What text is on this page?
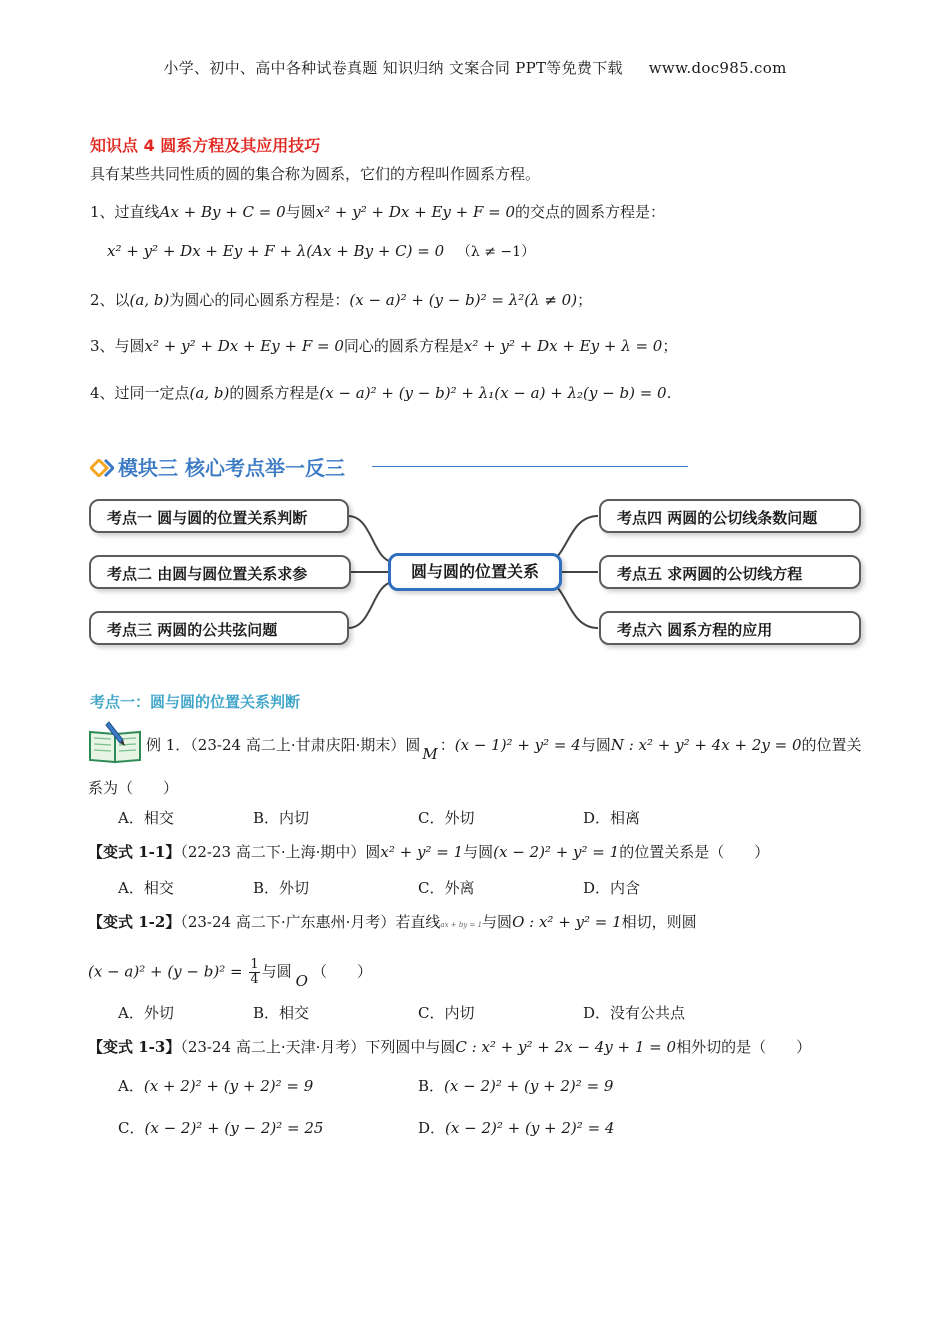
小学、初中、高中各种试卷真题 知识归纳 文案合同 PPT等免费下载 www.doc985.com
知识点 4 圆系方程及其应用技巧
具有某些共同性质的圆的集合称为圆系，它们的方程叫作圆系方程。
1、过直线Ax + By + C = 0与圆x² + y² + Dx + Ey + F = 0的交点的圆系方程是：
x² + y² + Dx + Ey + F + λ(Ax + By + C) = 0 （λ ≠ −1）
2、以(a, b)为圆心的同心圆系方程是：(x − a)² + (y − b)² = λ²(λ ≠ 0)；
3、与圆x² + y² + Dx + Ey + F = 0同心的圆系方程是x² + y² + Dx + Ey + λ = 0；
4、过同一定点(a, b)的圆系方程是(x − a)² + (y − b)² + λ₁(x − a) + λ₂(y − b) = 0.
模块三 核心考点举一反三
考点一 圆与圆的位置关系判断
考点二 由圆与圆位置关系求参
考点三 两圆的公共弦问题
圆与圆的位置关系
考点四 两圆的公切线条数问题
考点五 求两圆的公切线方程
考点六 圆系方程的应用
考点一：圆与圆的位置关系判断
例 1．（23-24 高二上·甘肃庆阳·期末）圆 M ：(x − 1)² + y² = 4与圆N : x² + y² + 4x + 2y = 0的位置关
系为（　　）
A．相交	B．内切	C．外切	D．相离
【变式 1-1】（22-23 高二下·上海·期中）圆x² + y² = 1与圆(x − 2)² + y² = 1的位置关系是（　　）
A．相交	B．外切	C．外离	D．内含
【变式 1-2】（23-24 高二下·广东惠州·月考）若直线ax + by = 1与圆O : x² + y² = 1相切，则圆
$(x - a)^2 + (y - b)^2 = \frac{1}{4}$ 与圆 O （　　）
A．外切	B．相交	C．内切	D．没有公共点
【变式 1-3】（23-24 高二上·天津·月考）下列圆中与圆C : x² + y² + 2x − 4y + 1 = 0相外切的是（　　）
A．(x + 2)² + (y + 2)² = 9	B．(x − 2)² + (y + 2)² = 9
C．(x − 2)² + (y − 2)² = 25	D．(x − 2)² + (y + 2)² = 4
